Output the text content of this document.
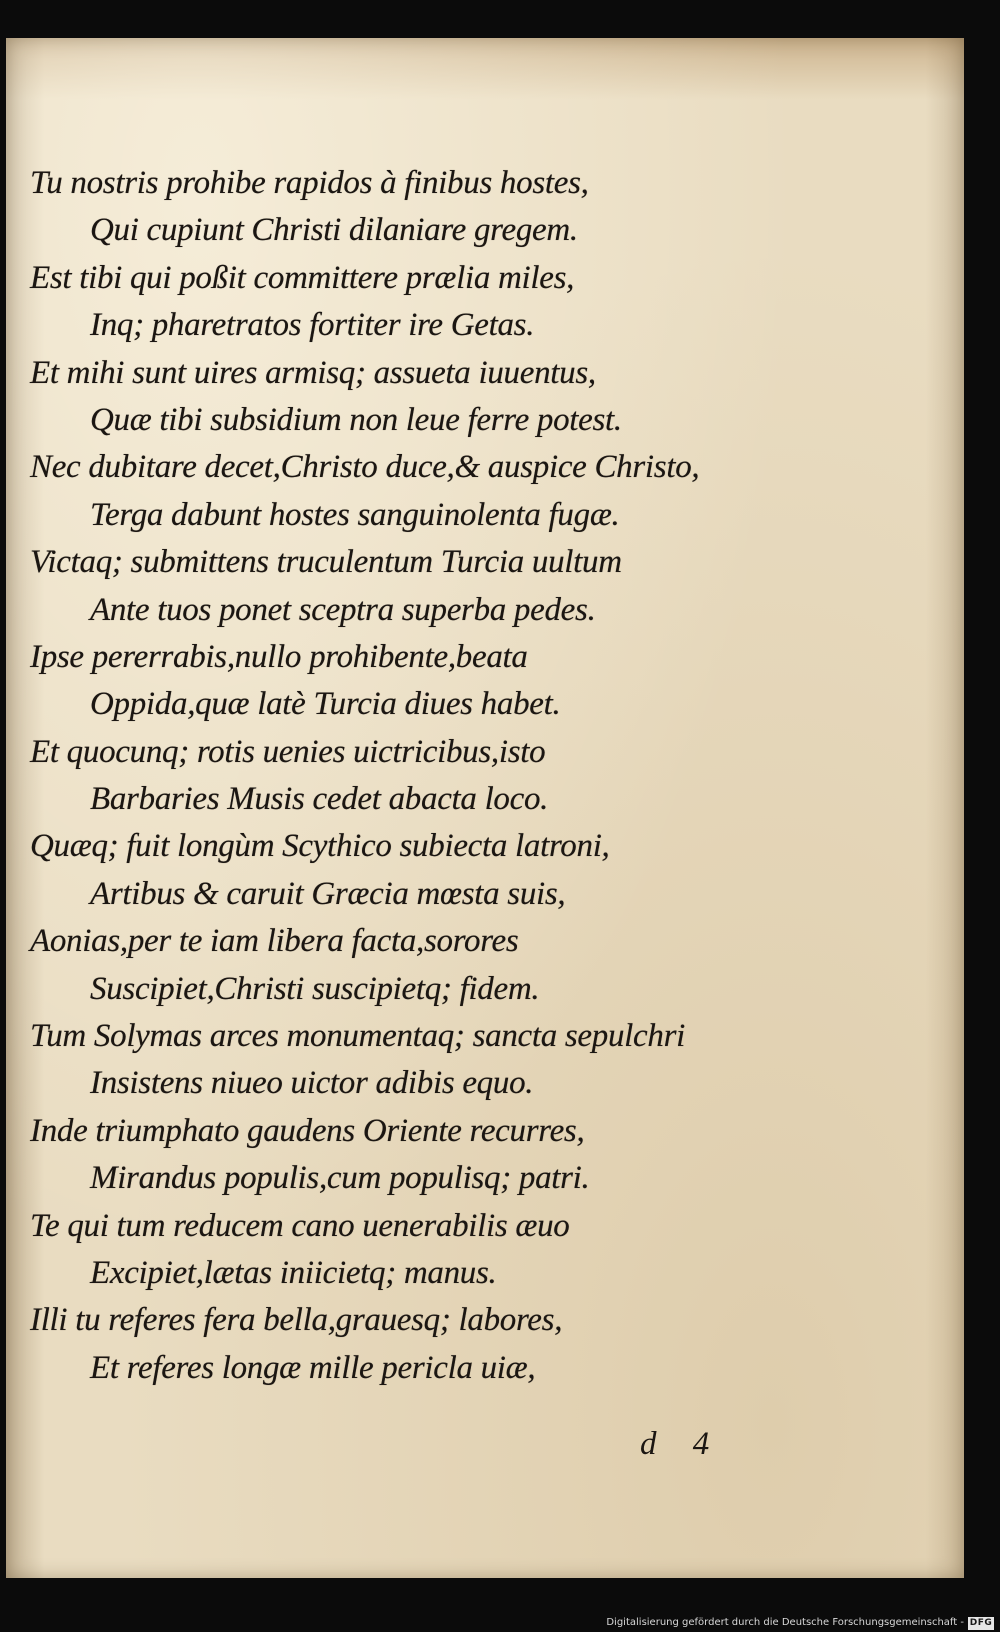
Tu nostris prohibe rapidos à finibus hostes,
Qui cupiunt Christi dilaniare gregem.
Est tibi qui poßit committere prælia miles,
Inq; pharetratos fortiter ire Getas.
Et mihi sunt uires armisq; assueta iuuentus,
Quæ tibi subsidium non leue ferre potest.
Nec dubitare decet,Christo duce,& auspice Christo,
Terga dabunt hostes sanguinolenta fugæ.
Victaq; submittens truculentum Turcia uultum
Ante tuos ponet sceptra superba pedes.
Ipse pererrabis,nullo prohibente,beata
Oppida,quæ latè Turcia diues habet.
Et quocunq; rotis uenies uictricibus,isto
Barbaries Musis cedet abacta loco.
Quæq; fuit longùm Scythico subiecta latroni,
Artibus & caruit Græcia mœsta suis,
Aonias,per te iam libera facta,sorores
Suscipiet,Christi suscipietq; fidem.
Tum Solymas arces monumentaq; sancta sepulchri
Insistens niueo uictor adibis equo.
Inde triumphato gaudens Oriente recurres,
Mirandus populis,cum populisq; patri.
Te qui tum reducem cano uenerabilis æuo
Excipiet,lætas iniicietq; manus.
Illi tu referes fera bella,grauesq; labores,
Et referes longæ mille pericla uiæ,
d 4
Digitalisierung gefördert durch die Deutsche Forschungsgemeinschaft - DFG
